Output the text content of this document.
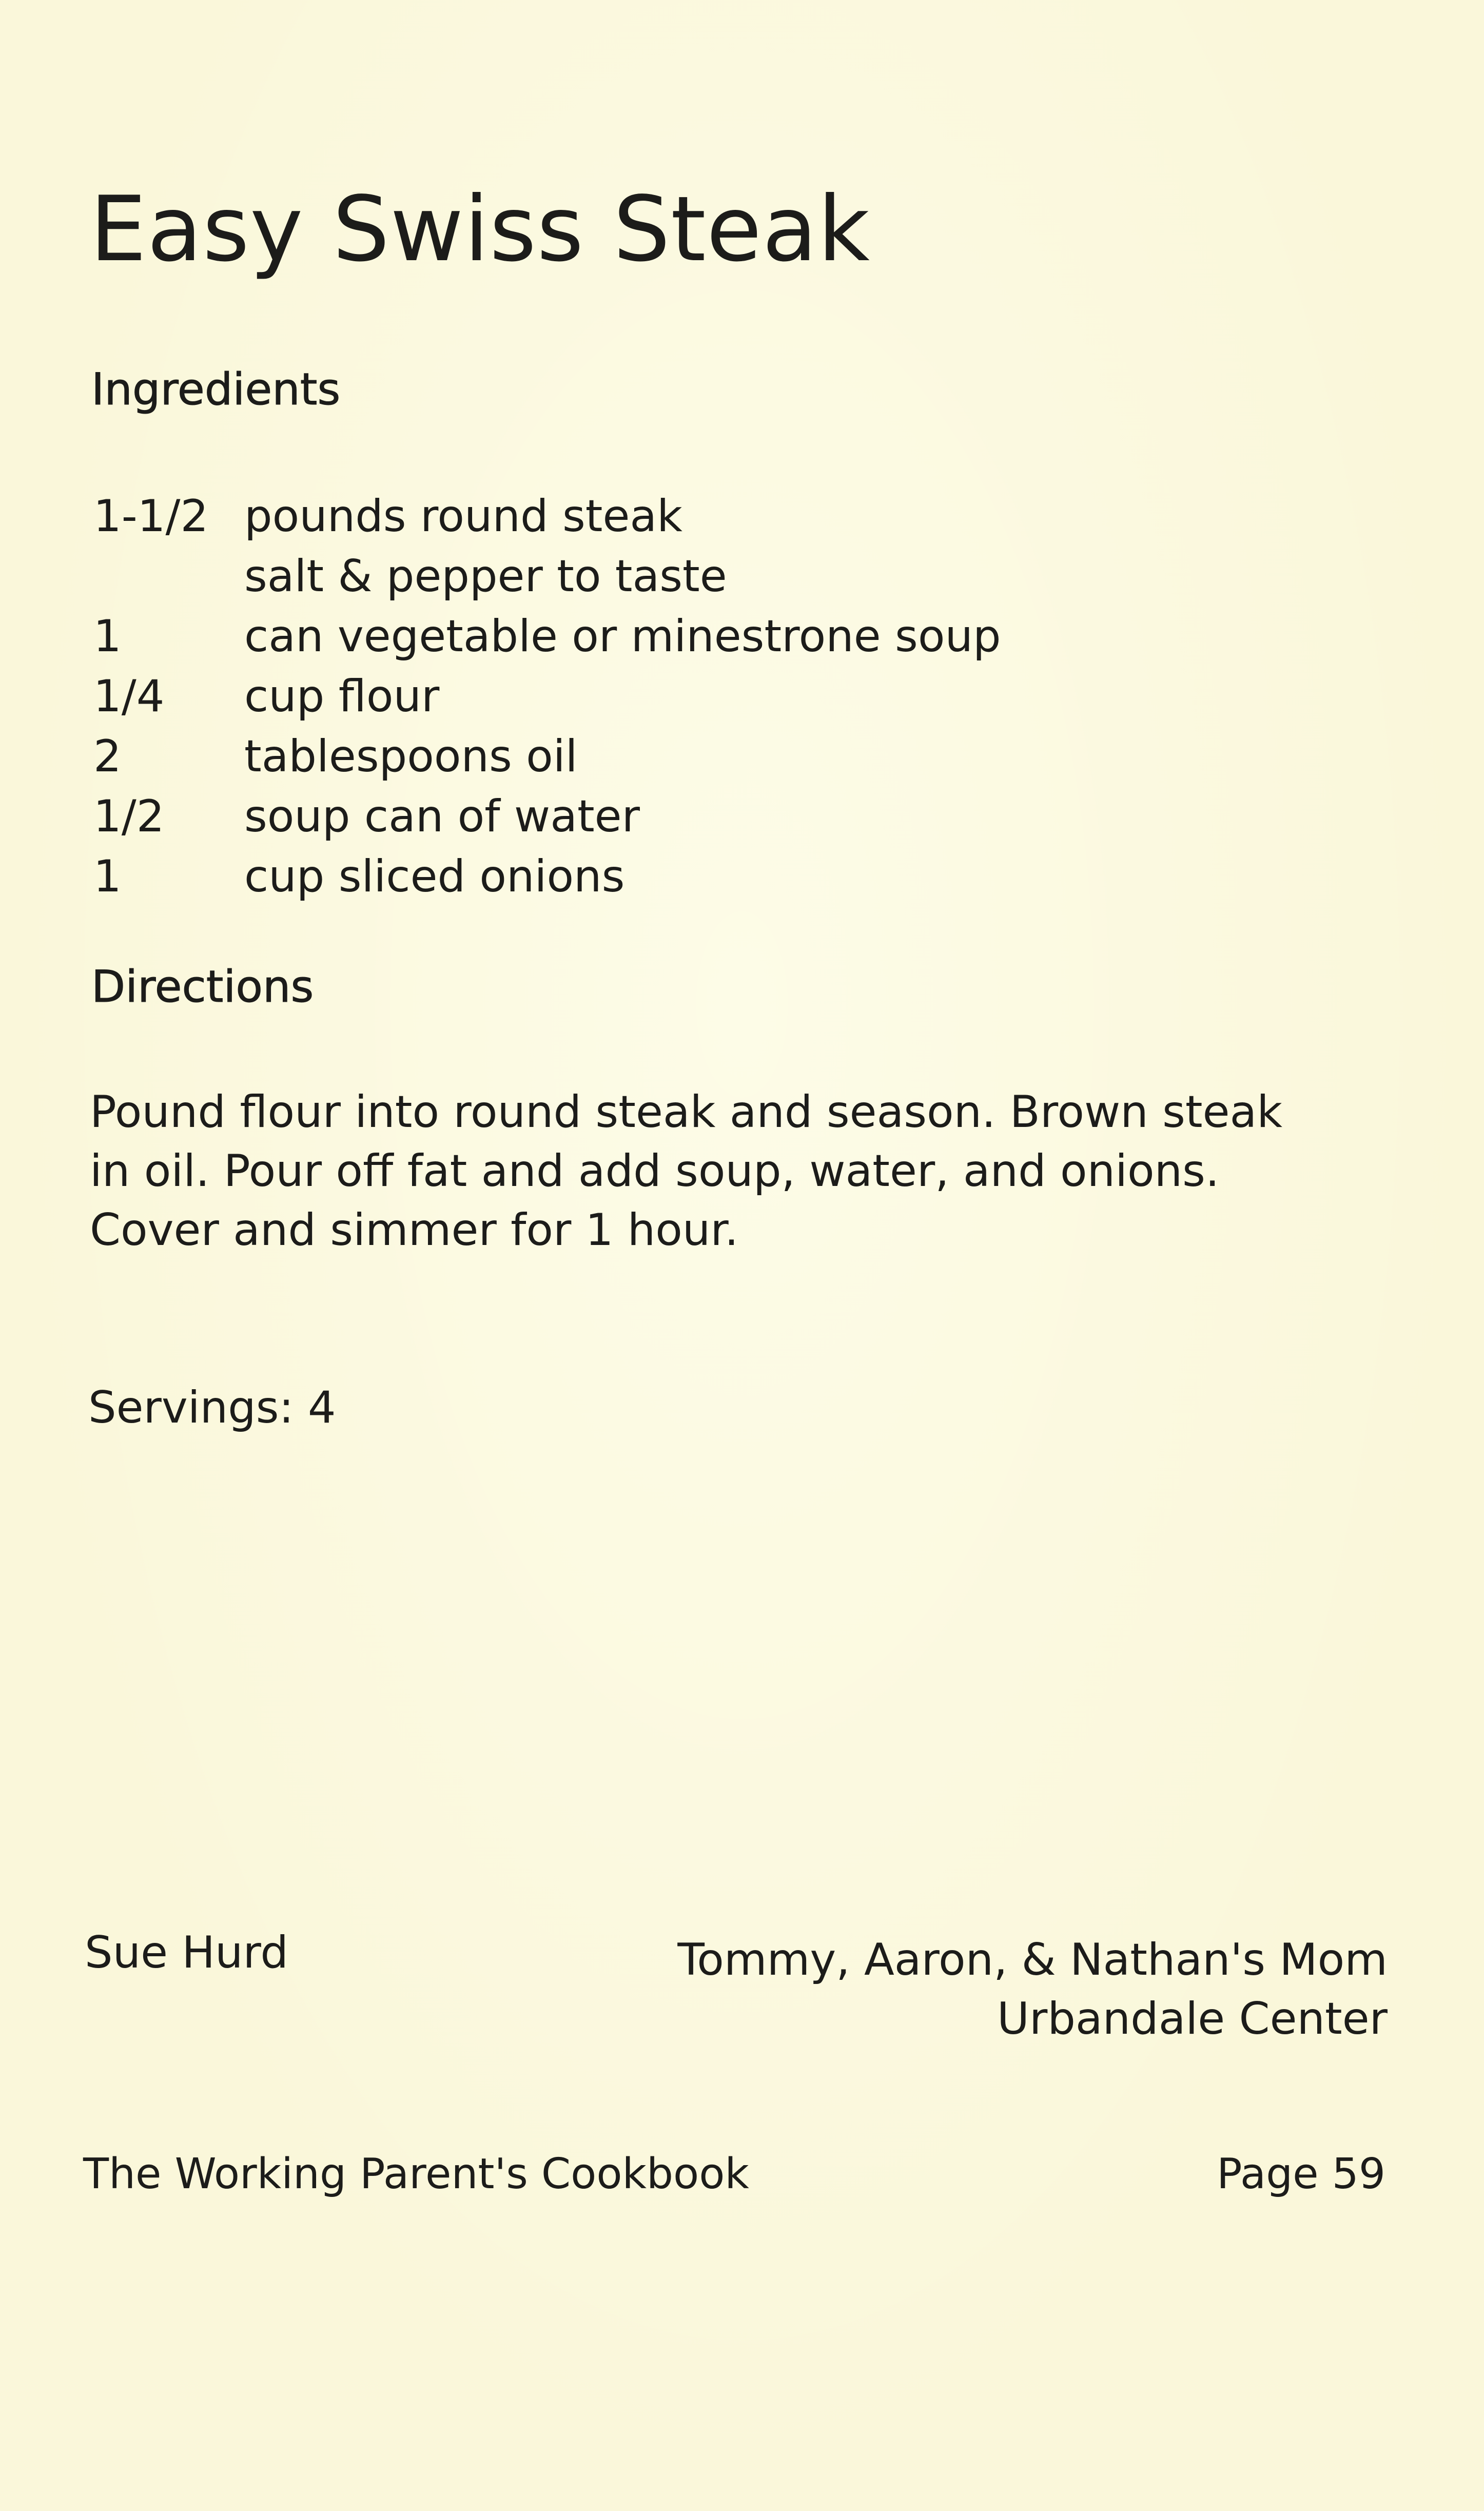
Easy Swiss Steak
Ingredients
1-1/2 pounds round steak
salt & pepper to taste
1	can vegetable or minestrone soup
1/4 cup flour
2	tablespoons oil
1/2 soup can of water
1	cup sliced onions
Directions

Pound flour into round steak and season. Brown steak
in oil. Pour off fat and add soup, water, and onions.
Cover and simmer for 1 hour.

Servings: 4
Sue Hurd	Tommy, Aaron, & Nathan's Mom
Urbandale Center
The Working Parent's Cookbook	Page 59
